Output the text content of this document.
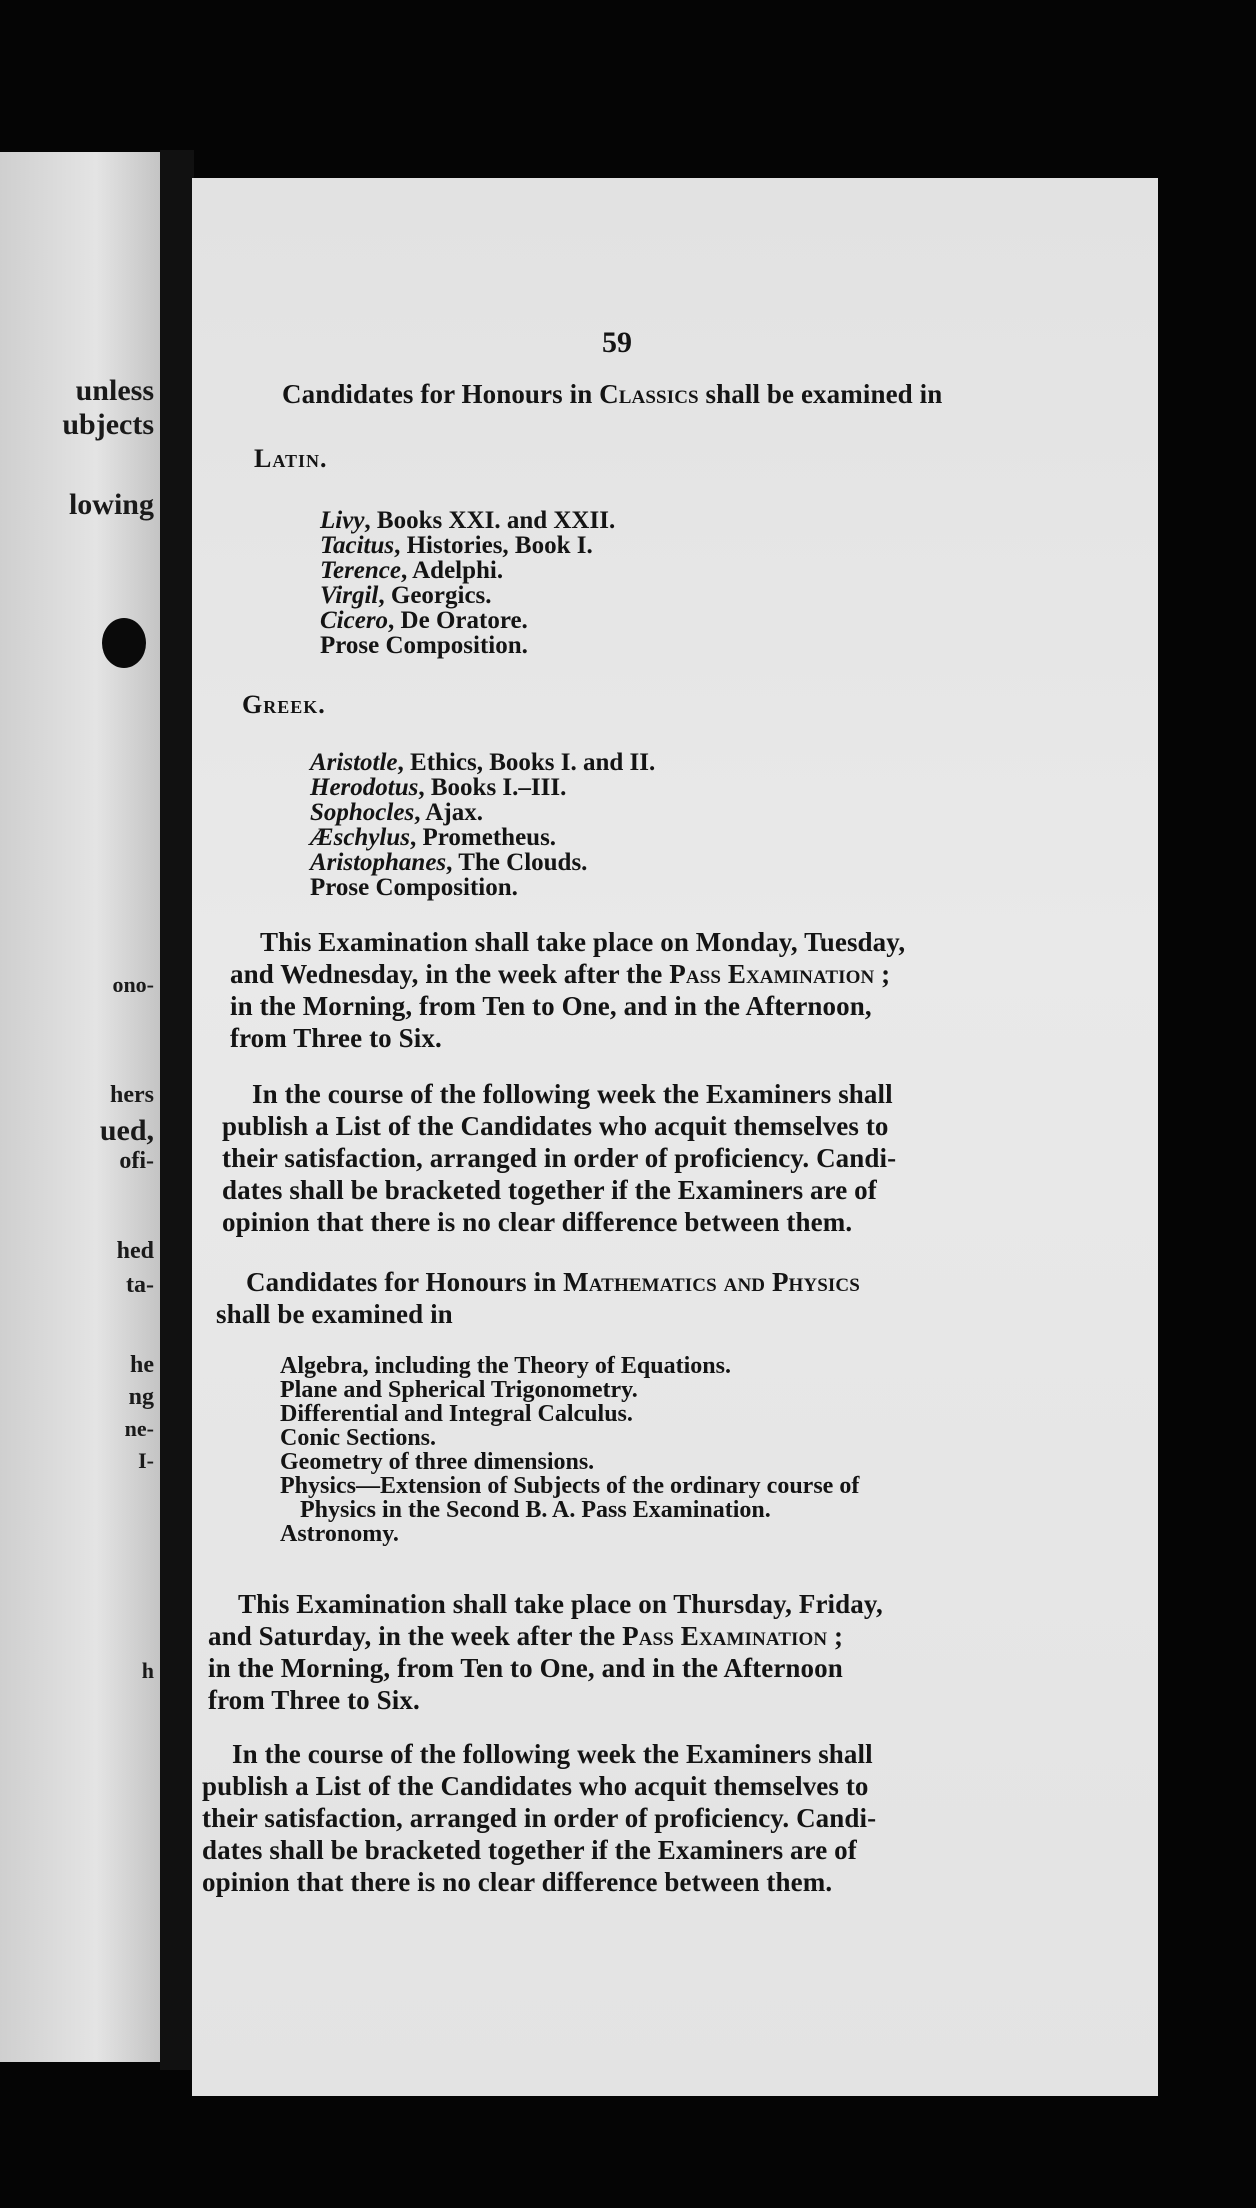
unless
ubjects
lowing
ono-
hers
ued,
ofi-
hed
ta-
he
ng
ne-
I-
h
59
Candidates for Honours in Classics shall be examined in
Latin.
Livy, Books XXI. and XXII.
Tacitus, Histories, Book I.
Terence, Adelphi.
Virgil, Georgics.
Cicero, De Oratore.
Prose Composition.
Greek.
Aristotle, Ethics, Books I. and II.
Herodotus, Books I.–III.
Sophocles, Ajax.
Æschylus, Prometheus.
Aristophanes, The Clouds.
Prose Composition.
This Examination shall take place on Monday, Tuesday,
and Wednesday, in the week after the Pass Examination ;
in the Morning, from Ten to One, and in the Afternoon,
from Three to Six.
In the course of the following week the Examiners shall
publish a List of the Candidates who acquit themselves to
their satisfaction, arranged in order of proficiency. Candi-
dates shall be bracketed together if the Examiners are of
opinion that there is no clear difference between them.
Candidates for Honours in Mathematics and Physics
shall be examined in
Algebra, including the Theory of Equations.
Plane and Spherical Trigonometry.
Differential and Integral Calculus.
Conic Sections.
Geometry of three dimensions.
Physics—Extension of Subjects of the ordinary course of
Physics in the Second B. A. Pass Examination.
Astronomy.
This Examination shall take place on Thursday, Friday,
and Saturday, in the week after the Pass Examination ;
in the Morning, from Ten to One, and in the Afternoon
from Three to Six.
In the course of the following week the Examiners shall
publish a List of the Candidates who acquit themselves to
their satisfaction, arranged in order of proficiency. Candi-
dates shall be bracketed together if the Examiners are of
opinion that there is no clear difference between them.
